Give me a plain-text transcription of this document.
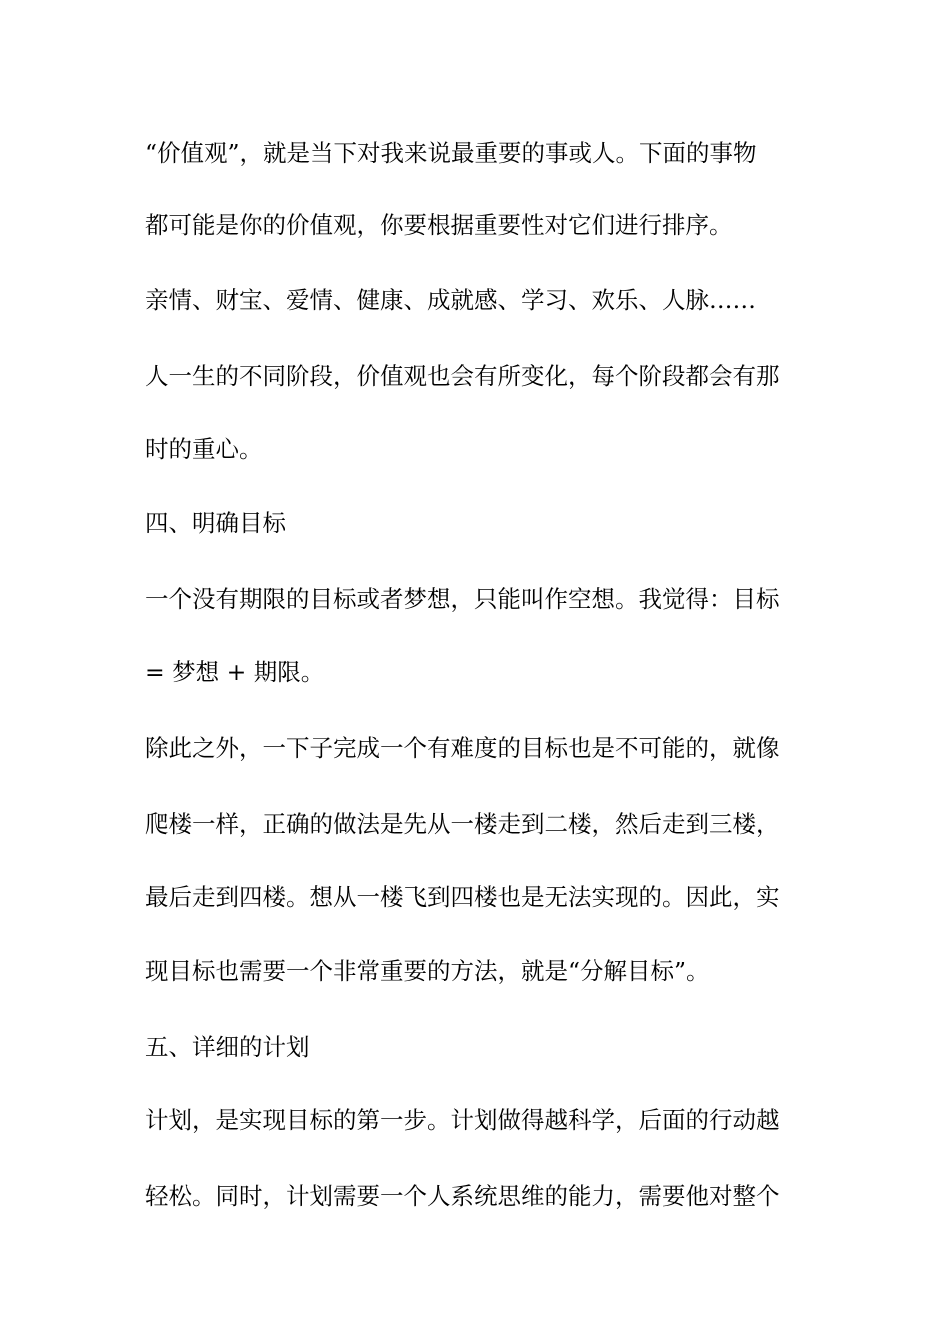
“价值观”，就是当下对我来说最重要的事或人。下面的事物

都可能是你的价值观，你要根据重要性对它们进行排序。

亲情、财宝、爱情、健康、成就感、学习、欢乐、人脉……

人一生的不同阶段，价值观也会有所变化，每个阶段都会有那

时的重心。

四、明确目标

一个没有期限的目标或者梦想，只能叫作空想。我觉得：目标

= 梦想 + 期限。

除此之外，一下子完成一个有难度的目标也是不可能的，就像

爬楼一样，正确的做法是先从一楼走到二楼，然后走到三楼，

最后走到四楼。想从一楼飞到四楼也是无法实现的。因此，实

现目标也需要一个非常重要的方法，就是“分解目标”。

五、详细的计划

计划，是实现目标的第一步。计划做得越科学，后面的行动越

轻松。同时，计划需要一个人系统思维的能力，需要他对整个
